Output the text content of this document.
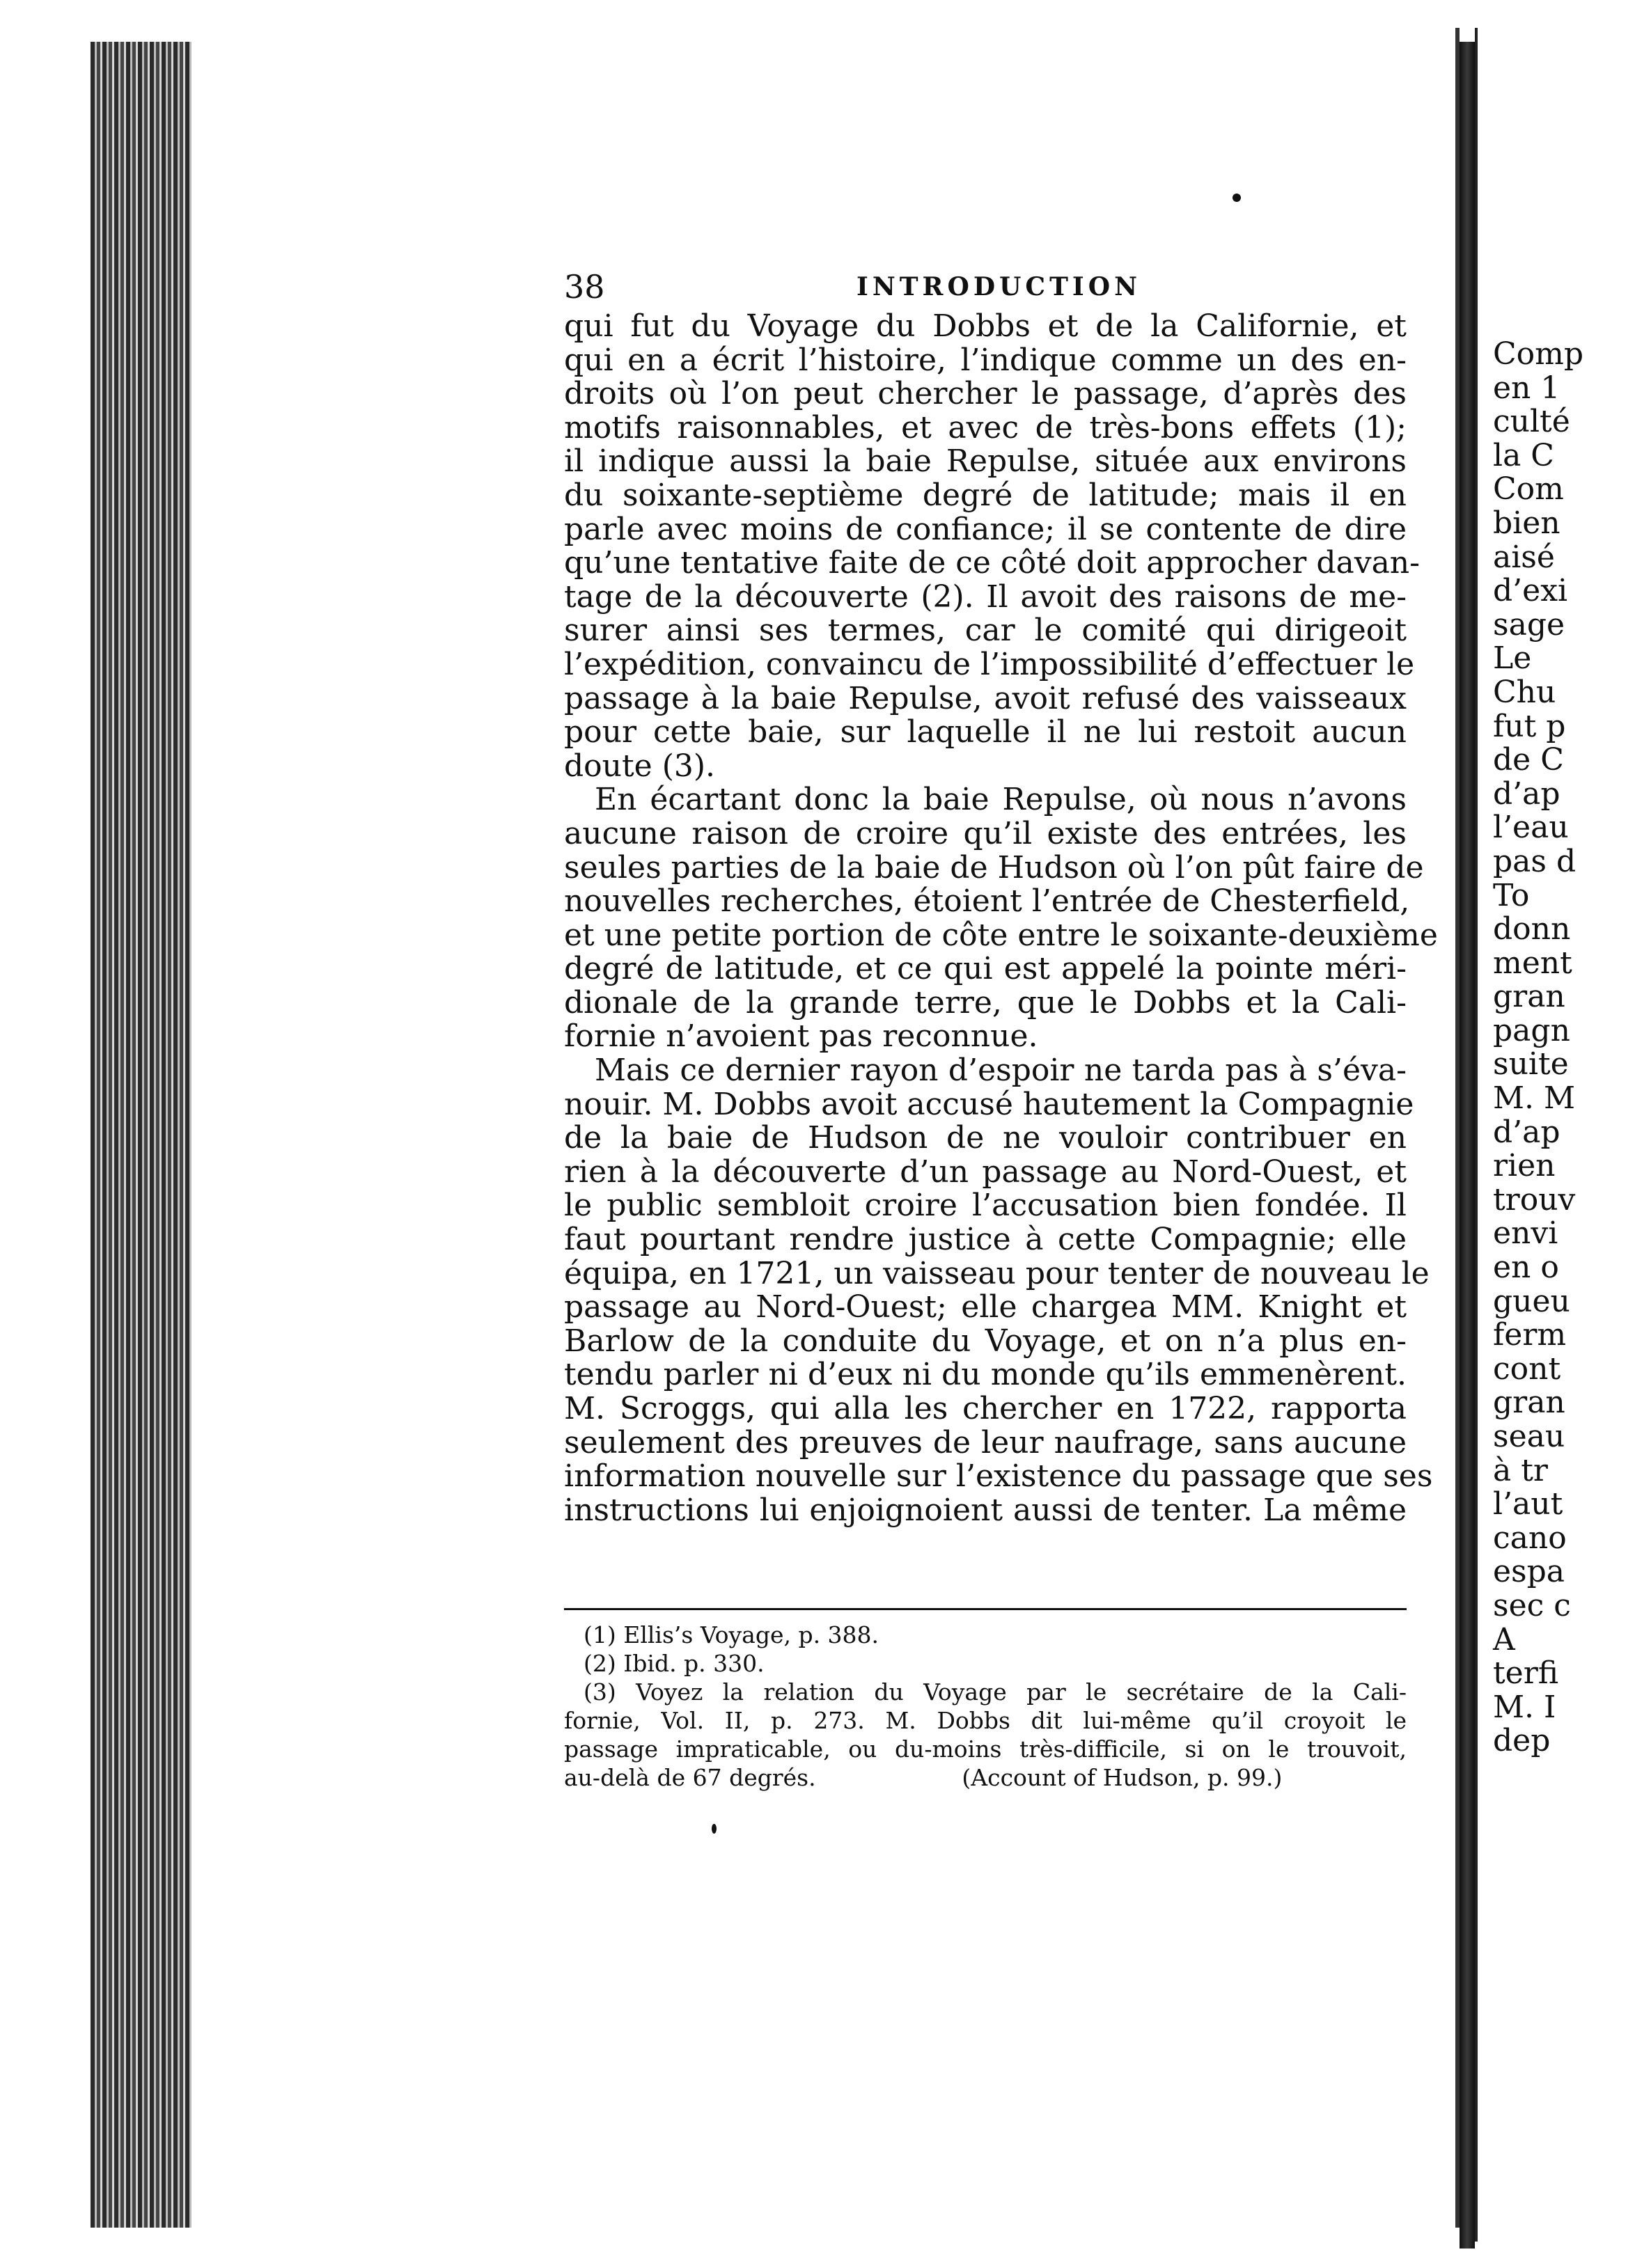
38	INTRODUCTION
qui fut du Voyage du Dobbs et de la Californie, et
qui en a écrit l’histoire, l’indique comme un des en-
droits où l’on peut chercher le passage, d’après des
motifs raisonnables, et avec de très-bons effets (1);
il indique aussi la baie Repulse, située aux environs
du soixante-septième degré de latitude; mais il en
parle avec moins de confiance; il se contente de dire
qu’une tentative faite de ce côté doit approcher davan-
tage de la découverte (2). Il avoit des raisons de me-
surer ainsi ses termes, car le comité qui dirigeoit
l’expédition, convaincu de l’impossibilité d’effectuer le
passage à la baie Repulse, avoit refusé des vaisseaux
pour cette baie, sur laquelle il ne lui restoit aucun
doute (3).
En écartant donc la baie Repulse, où nous n’avons
aucune raison de croire qu’il existe des entrées, les
seules parties de la baie de Hudson où l’on pût faire de
nouvelles recherches, étoient l’entrée de Chesterfield,
et une petite portion de côte entre le soixante-deuxième
degré de latitude, et ce qui est appelé la pointe méri-
dionale de la grande terre, que le Dobbs et la Cali-
fornie n’avoient pas reconnue.
Mais ce dernier rayon d’espoir ne tarda pas à s’éva-
nouir. M. Dobbs avoit accusé hautement la Compagnie
de la baie de Hudson de ne vouloir contribuer en
rien à la découverte d’un passage au Nord-Ouest, et
le public sembloit croire l’accusation bien fondée. Il
faut pourtant rendre justice à cette Compagnie; elle
équipa, en 1721, un vaisseau pour tenter de nouveau le
passage au Nord-Ouest; elle chargea MM. Knight et
Barlow de la conduite du Voyage, et on n’a plus en-
tendu parler ni d’eux ni du monde qu’ils emmenèrent.
M. Scroggs, qui alla les chercher en 1722, rapporta
seulement des preuves de leur naufrage, sans aucune
information nouvelle sur l’existence du passage que ses
instructions lui enjoignoient aussi de tenter. La même
(1) Ellis’s Voyage, p. 388.
(2) Ibid. p. 330.
(3) Voyez la relation du Voyage par le secrétaire de la Cali-
fornie, Vol. II, p. 273. M. Dobbs dit lui-même qu’il croyoit le
passage impraticable, ou du-moins très-difficile, si on le trouvoit,
au-delà de 67 degrés.                    (Account of Hudson, p. 99.)
Comp
en 1
culté
la C
Com
bien
aisé
d’exi
sage
Le
Chu
fut p
de C
d’ap
l’eau
pas d
To
donn
ment
gran
pagn
suite
M. M
d’ap
rien
trouv
envi
en o
gueu
ferm
cont
gran
seau
à tr
l’aut
cano
espa
sec c
A
terfi
M. I
dep
